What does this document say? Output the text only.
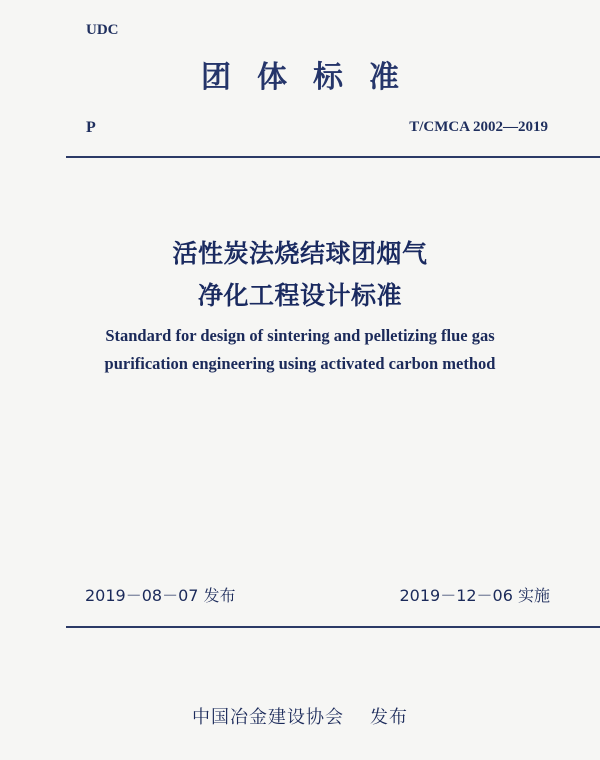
UDC
团体标准
P	T/CMCA 2002—2019
活性炭法烧结球团烟气
净化工程设计标准
Standard for design of sintering and pelletizing flue gas
purification engineering using activated carbon method
2019－08－07 发布	2019－12－06 实施
中国冶金建设协会 发布
